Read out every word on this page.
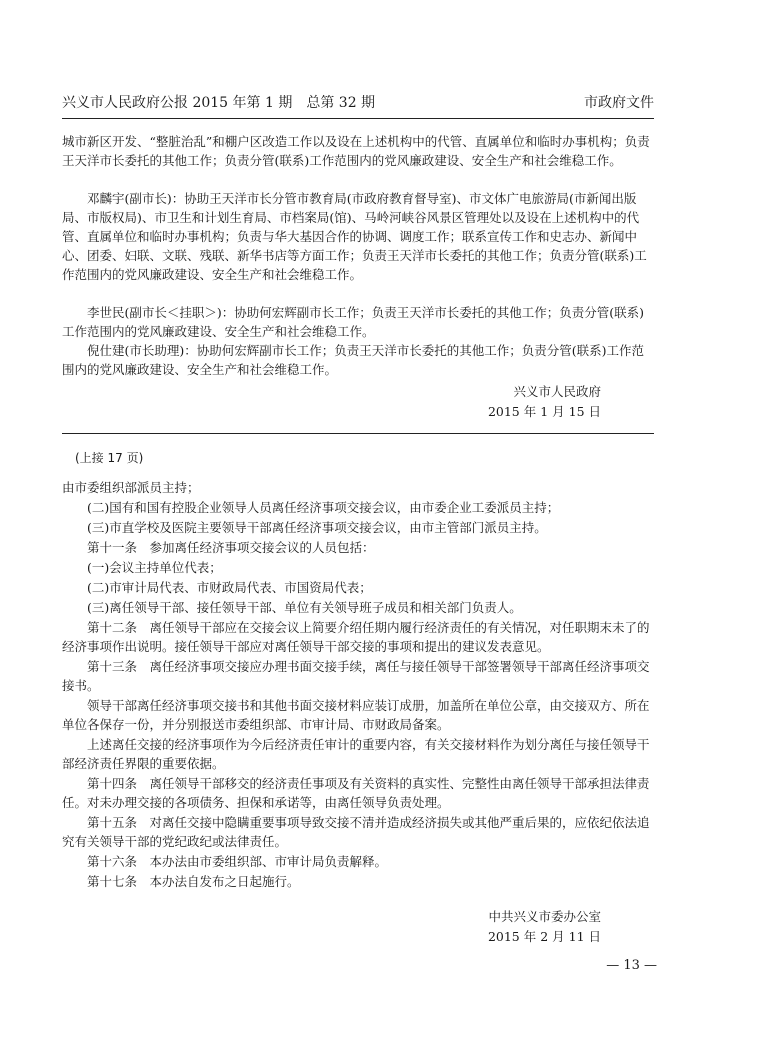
兴义市人民政府公报 2015 年第 1 期　总第 32 期	市政府文件

城市新区开发、“整脏治乱”和棚户区改造工作以及设在上述机构中的代管、直属单位和临时办事机构；负责王天洋市长委托的其他工作；负责分管(联系)工作范围内的党风廉政建设、安全生产和社会维稳工作。

邓麟宇(副市长)：协助王天洋市长分管市教育局(市政府教育督导室)、市文体广电旅游局(市新闻出版局、市版权局)、市卫生和计划生育局、市档案局(馆)、马岭河峡谷风景区管理处以及设在上述机构中的代管、直属单位和临时办事机构；负责与华大基因合作的协调、调度工作；联系宣传工作和史志办、新闻中心、团委、妇联、文联、残联、新华书店等方面工作；负责王天洋市长委托的其他工作；负责分管(联系)工作范围内的党风廉政建设、安全生产和社会维稳工作。

李世民(副市长＜挂职＞)：协助何宏辉副市长工作；负责王天洋市长委托的其他工作；负责分管(联系)工作范围内的党风廉政建设、安全生产和社会维稳工作。

倪仕建(市长助理)：协助何宏辉副市长工作；负责王天洋市长委托的其他工作；负责分管(联系)工作范围内的党风廉政建设、安全生产和社会维稳工作。

兴义市人民政府
2015 年 1 月 15 日
(上接 17 页)

由市委组织部派员主持；

(二)国有和国有控股企业领导人员离任经济事项交接会议，由市委企业工委派员主持；

(三)市直学校及医院主要领导干部离任经济事项交接会议，由市主管部门派员主持。

第十一条　参加离任经济事项交接会议的人员包括：

(一)会议主持单位代表；

(二)市审计局代表、市财政局代表、市国资局代表；

(三)离任领导干部、接任领导干部、单位有关领导班子成员和相关部门负责人。

第十二条　离任领导干部应在交接会议上简要介绍任期内履行经济责任的有关情况，对任职期末未了的经济事项作出说明。接任领导干部应对离任领导干部交接的事项和提出的建议发表意见。

第十三条　离任经济事项交接应办理书面交接手续，离任与接任领导干部签署领导干部离任经济事项交接书。

领导干部离任经济事项交接书和其他书面交接材料应装订成册，加盖所在单位公章，由交接双方、所在单位各保存一份，并分别报送市委组织部、市审计局、市财政局备案。

上述离任交接的经济事项作为今后经济责任审计的重要内容，有关交接材料作为划分离任与接任领导干部经济责任界限的重要依据。

第十四条　离任领导干部移交的经济责任事项及有关资料的真实性、完整性由离任领导干部承担法律责任。对未办理交接的各项债务、担保和承诺等，由离任领导负责处理。

第十五条　对离任交接中隐瞒重要事项导致交接不清并造成经济损失或其他严重后果的，应依纪依法追究有关领导干部的党纪政纪或法律责任。

第十六条　本办法由市委组织部、市审计局负责解释。

第十七条　本办法自发布之日起施行。

中共兴义市委办公室
2015 年 2 月 11 日
— 13 —
